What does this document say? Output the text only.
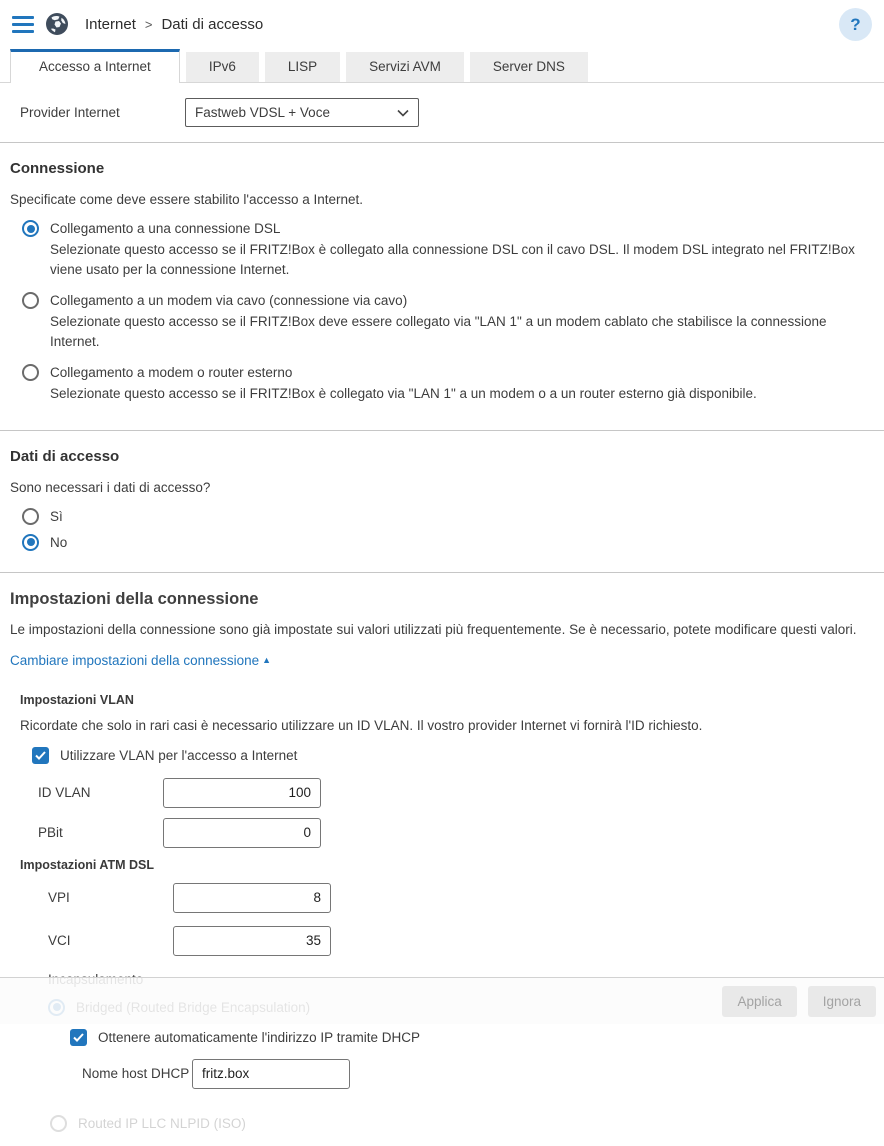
Internet > Dati di accesso	?
Accesso a Internet	IPv6	LISP	Servizi AVM	Server DNS
Provider Internet	Fastweb VDSL + Voce
Connessione

Specificate come deve essere stabilito l'accesso a Internet.

Collegamento a una connessione DSL

Selezionate questo accesso se il FRITZ!Box è collegato alla connessione DSL con il cavo DSL. Il modem DSL integrato nel FRITZ!Box viene usato per la connessione Internet.

Collegamento a un modem via cavo (connessione via cavo)

Selezionate questo accesso se il FRITZ!Box deve essere collegato via "LAN 1" a un modem cablato che stabilisce la connessione Internet.

Collegamento a modem o router esterno

Selezionate questo accesso se il FRITZ!Box è collegato via "LAN 1" a un modem o a un router esterno già disponibile.

Dati di accesso

Sono necessari i dati di accesso?

Sì
No
Impostazioni della connessione

Le impostazioni della connessione sono già impostate sui valori utilizzati più frequentemente. Se è necessario, potete modificare questi valori.

Cambiare impostazioni della connessione ▲
Impostazioni VLAN

Ricordate che solo in rari casi è necessario utilizzare un ID VLAN. Il vostro provider Internet vi fornirà l'ID richiesto.

Utilizzare VLAN per l'accesso a Internet
ID VLAN
100
PBit
0
Impostazioni ATM DSL
VPI
8
VCI
35
Ottenere automaticamente l'indirizzo IP tramite DHCP
Nome host DHCP
fritz.box
Routed IP LLC NLPID (ISO)
Applica	Ignora
